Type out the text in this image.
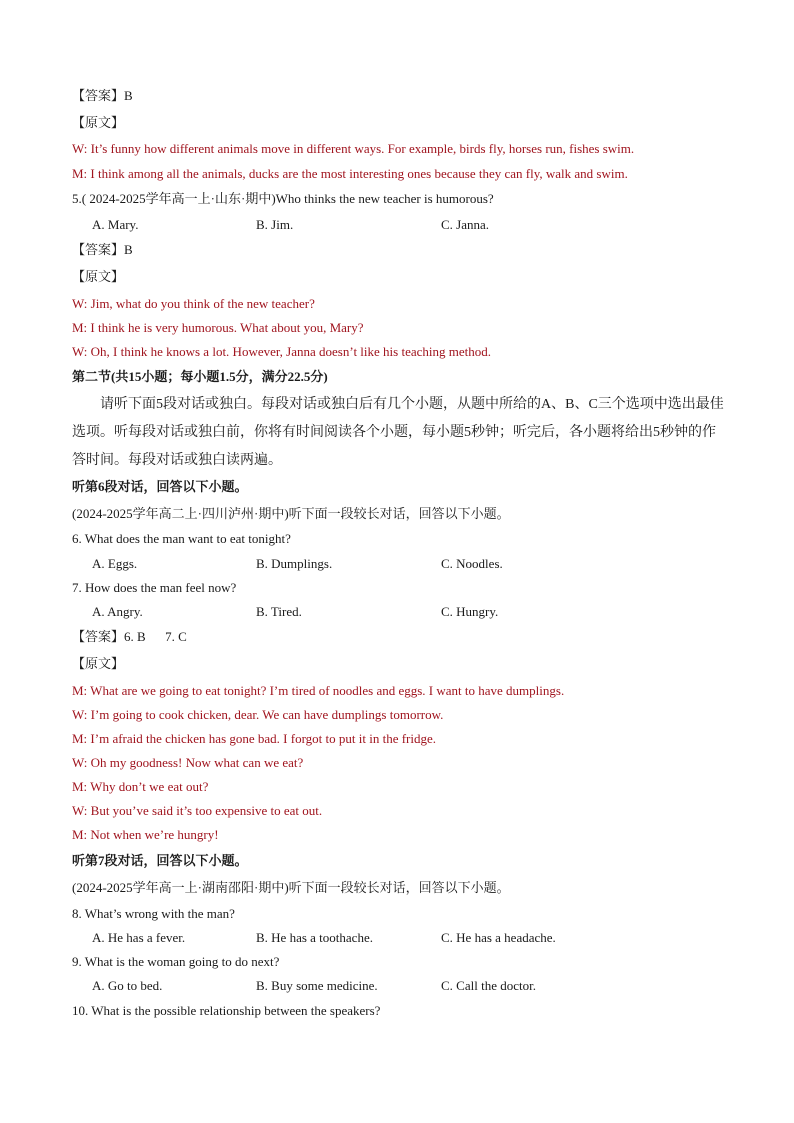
【答案】B
【原文】
W: It’s funny how different animals move in different ways. For example, birds fly, horses run, fishes swim.
M: I think among all the animals, ducks are the most interesting ones because they can fly, walk and swim.
5.( 2024-2025学年高一上·山东·期中)Who thinks the new teacher is humorous?
A. Mary.	B. Jim.	C. Janna.
【答案】B
【原文】
W: Jim, what do you think of the new teacher?
M: I think he is very humorous. What about you, Mary?
W: Oh, I think he knows a lot. However, Janna doesn’t like his teaching method.
第二节(共15小题；每小题1.5分，满分22.5分)
请听下面5段对话或独白。每段对话或独白后有几个小题，从题中所给的A、B、C三个选项中选出最佳选项。听每段对话或独白前，你将有时间阅读各个小题，每小题5秒钟；听完后，各小题将给出5秒钟的作答时间。每段对话或独白读两遍。
听第6段对话，回答以下小题。
(2024-2025学年高二上·四川泸州·期中)听下面一段较长对话，回答以下小题。
6. What does the man want to eat tonight?
A. Eggs.	B. Dumplings.	C. Noodles.
7. How does the man feel now?
A. Angry.	B. Tired.	C. Hungry.
【答案】6. B      7. C
【原文】
M: What are we going to eat tonight? I’m tired of noodles and eggs. I want to have dumplings.
W: I’m going to cook chicken, dear. We can have dumplings tomorrow.
M: I’m afraid the chicken has gone bad. I forgot to put it in the fridge.
W: Oh my goodness! Now what can we eat?
M: Why don’t we eat out?
W: But you’ve said it’s too expensive to eat out.
M: Not when we’re hungry!
听第7段对话，回答以下小题。
(2024-2025学年高一上·湖南邵阳·期中)听下面一段较长对话，回答以下小题。
8. What’s wrong with the man?
A. He has a fever.	B. He has a toothache.	C. He has a headache.
9. What is the woman going to do next?
A. Go to bed.	B. Buy some medicine.	C. Call the doctor.
10. What is the possible relationship between the speakers?
